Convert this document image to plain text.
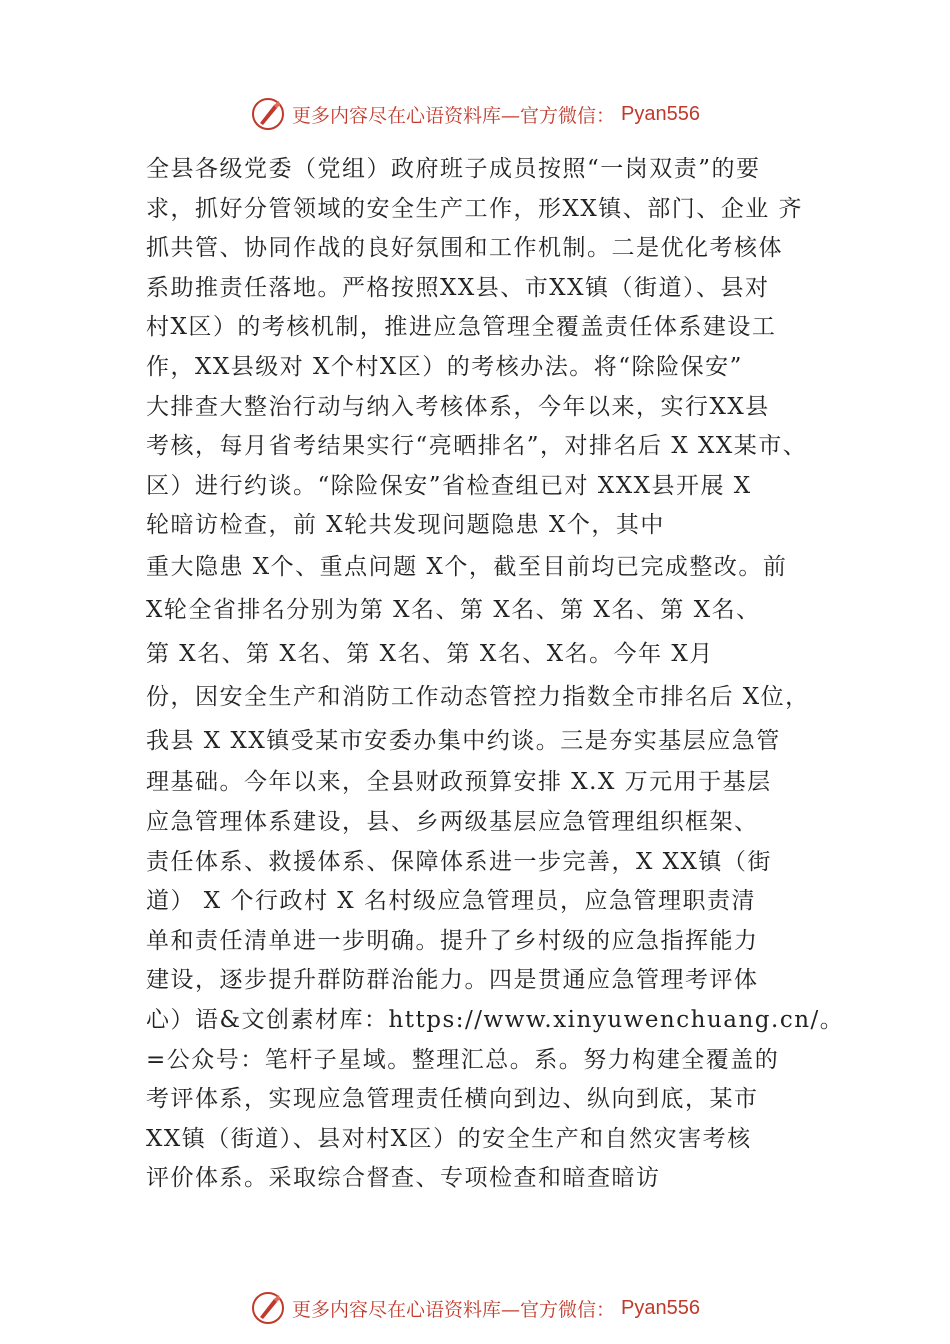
更多内容尽在心语资料库—官方微信： Pyan556
全县各级党委（党组）政府班子成员按照“一岗双责”的要
求，抓好分管领域的安全生产工作，形XX镇、部门、企业 齐
抓共管、协同作战的良好氛围和工作机制。二是优化考核体
系助推责任落地。严格按照XX县、市XX镇（街道）、县对
村X区）的考核机制，推进应急管理全覆盖责任体系建设工
作，XX县级对 X个村X区）的考核办法。将“除险保安”
大排查大整治行动与纳入考核体系，今年以来，实行XX县
考核，每月省考结果实行“亮晒排名”，对排名后 X XX某市、
区）进行约谈。“除险保安”省检查组已对 XXX县开展 X
轮暗访检查，前 X轮共发现问题隐患 X个，其中
重大隐患 X个、重点问题 X个，截至目前均已完成整改。前
X轮全省排名分别为第 X名、第 X名、第 X名、第 X名、
第 X名、第 X名、第 X名、第 X名、X名。今年 X月
份，因安全生产和消防工作动态管控力指数全市排名后 X位，
我县 X XX镇受某市安委办集中约谈。三是夯实基层应急管
理基础。今年以来，全县财政预算安排 X.X 万元用于基层
应急管理体系建设，县、乡两级基层应急管理组织框架、
责任体系、救援体系、保障体系进一步完善，X XX镇（街
道） X 个行政村 X 名村级应急管理员，应急管理职责清
单和责任清单进一步明确。提升了乡村级的应急指挥能力
建设，逐步提升群防群治能力。四是贯通应急管理考评体
心）语&文创素材库：https://www.xinyuwenchuang.cn/。
=公众号：笔杆子星域。整理汇总。系。努力构建全覆盖的
考评体系，实现应急管理责任横向到边、纵向到底，某市
XX镇（街道）、县对村X区）的安全生产和自然灾害考核
评价体系。采取综合督查、专项检查和暗查暗访
更多内容尽在心语资料库—官方微信： Pyan556
